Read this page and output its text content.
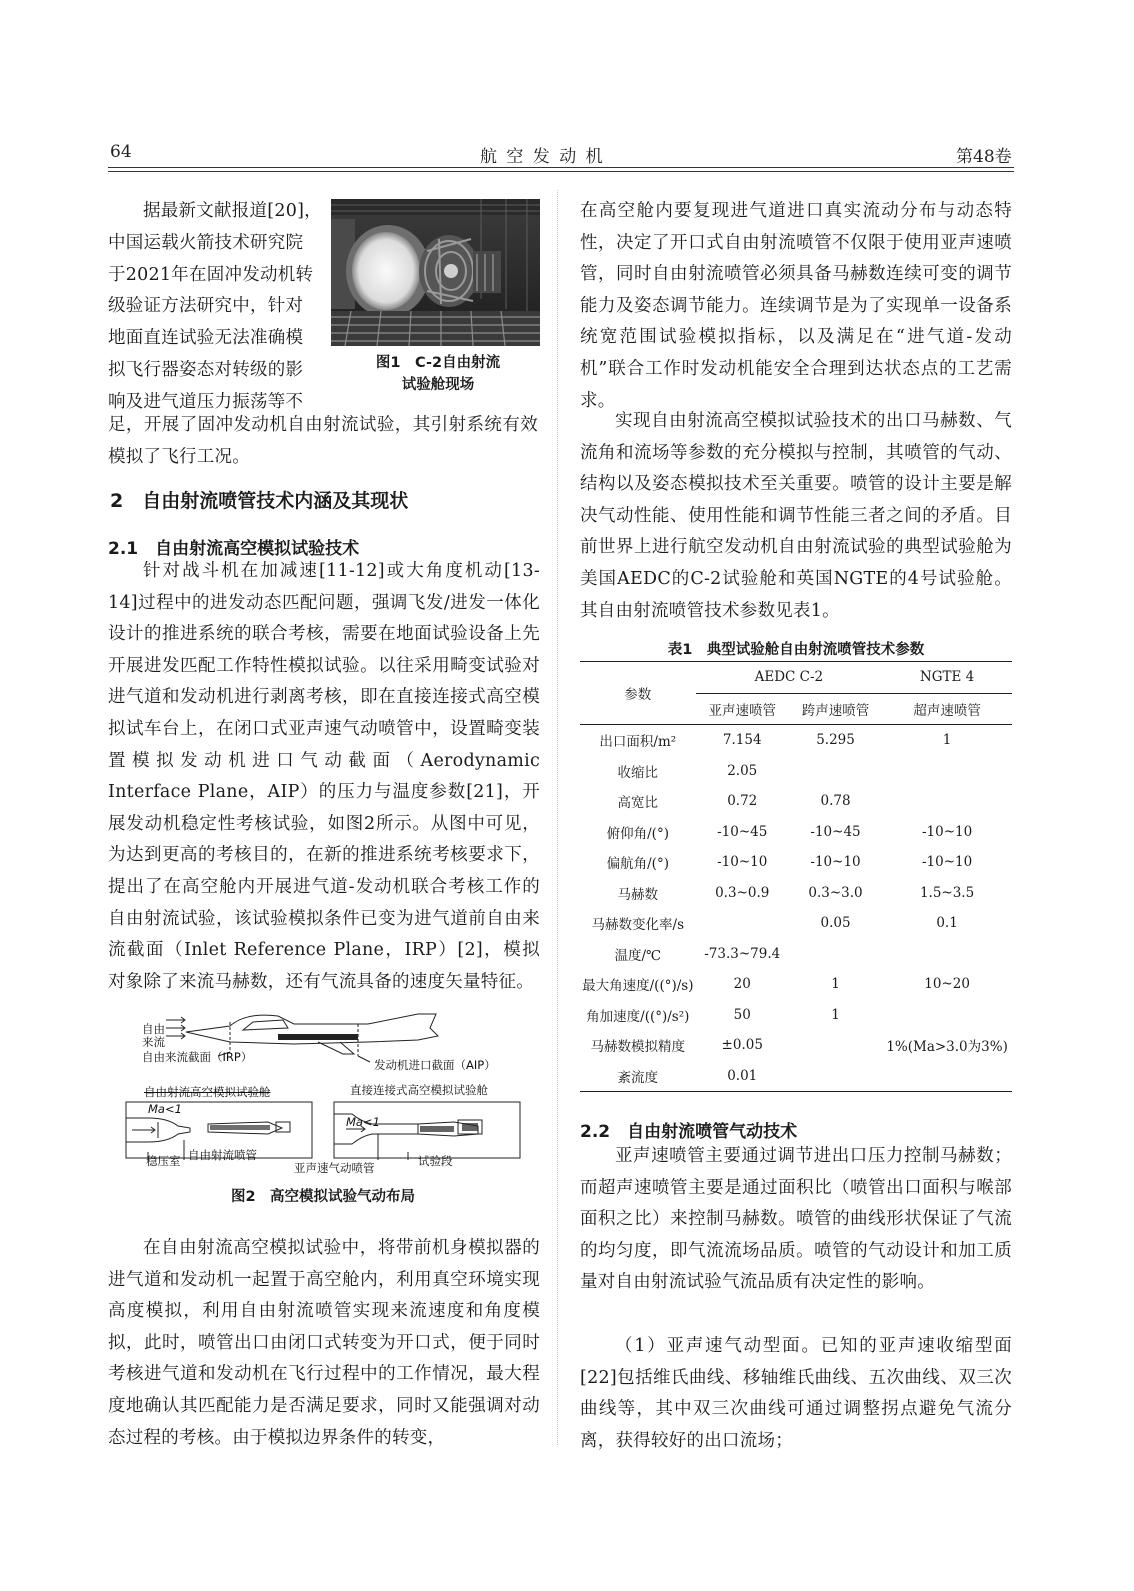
64	航 空 发 动 机	第48卷
据最新文献报道[20]，
中国运载火箭技术研究院
于2021年在固冲发动机转
级验证方法研究中，针对
地面直连试验无法准确模
拟飞行器姿态对转级的影
响及进气道压力振荡等不
图1　C-2自由射流
试验舱现场
足，开展了固冲发动机自由射流试验，其引射系统有效模拟了飞行工况。
2　自由射流喷管技术内涵及其现状
2.1　自由射流高空模拟试验技术
针对战斗机在加减速[11-12]或大角度机动[13-14]过程中的进发动态匹配问题，强调飞发/进发一体化设计的推进系统的联合考核，需要在地面试验设备上先开展进发匹配工作特性模拟试验。以往采用畸变试验对进气道和发动机进行剥离考核，即在直接连接式高空模拟试车台上，在闭口式亚声速气动喷管中，设置畸变装置模拟发动机进口气动截面（Aerodynamic Interface Plane，AIP）的压力与温度参数[21]，开展发动机稳定性考核试验，如图2所示。从图中可见，为达到更高的考核目的，在新的推进系统考核要求下，提出了在高空舱内开展进气道-发动机联合考核工作的自由射流试验，该试验模拟条件已变为进气道前自由来流截面（Inlet Reference Plane，IRP）[2]，模拟对象除了来流马赫数，还有气流具备的速度矢量特征。
自由
来流
自由来流截面（IRP）
发动机进口截面（AIP）
自由射流高空模拟试验舱	直接连接式高空模拟试验舱
Ma<1
Ma<1
稳压室 自由射流喷管
亚声速气动喷管	试验段
图2　高空模拟试验气动布局
在自由射流高空模拟试验中，将带前机身模拟器的进气道和发动机一起置于高空舱内，利用真空环境实现高度模拟，利用自由射流喷管实现来流速度和角度模拟，此时，喷管出口由闭口式转变为开口式，便于同时考核进气道和发动机在飞行过程中的工作情况，最大程度地确认其匹配能力是否满足要求，同时又能强调对动态过程的考核。由于模拟边界条件的转变，
在高空舱内要复现进气道进口真实流动分布与动态特性，决定了开口式自由射流喷管不仅限于使用亚声速喷管，同时自由射流喷管必须具备马赫数连续可变的调节能力及姿态调节能力。连续调节是为了实现单一设备系统宽范围试验模拟指标，以及满足在“进气道-发动机”联合工作时发动机能安全合理到达状态点的工艺需求。
实现自由射流高空模拟试验技术的出口马赫数、气流角和流场等参数的充分模拟与控制，其喷管的气动、结构以及姿态模拟技术至关重要。喷管的设计主要是解决气动性能、使用性能和调节性能三者之间的矛盾。目前世界上进行航空发动机自由射流试验的典型试验舱为美国AEDC的C-2试验舱和英国NGTE的4号试验舱。其自由射流喷管技术参数见表1。
表1　典型试验舱自由射流喷管技术参数
参数	AEDC C-2		NGTE 4
	亚声速喷管	跨声速喷管	超声速喷管
出口面积/m²	7.154	5.295	1
收缩比	2.05		
高宽比	0.72	0.78	
俯仰角/(°)	-10~45	-10~45	-10~10
偏航角/(°)	-10~10	-10~10	-10~10
马赫数	0.3~0.9	0.3~3.0	1.5~3.5
马赫数变化率/s		0.05	0.1
温度/℃	-73.3~79.4		
最大角速度/((°)/s)	20	1	10~20
角加速度/((°)/s²)	50	1	
马赫数模拟精度	±0.05		1%(Ma>3.0为3%)
紊流度	0.01		
2.2　自由射流喷管气动技术
亚声速喷管主要通过调节进出口压力控制马赫数；而超声速喷管主要是通过面积比（喷管出口面积与喉部面积之比）来控制马赫数。喷管的曲线形状保证了气流的均匀度，即气流流场品质。喷管的气动设计和加工质量对自由射流试验气流品质有决定性的影响。
（1）亚声速气动型面。已知的亚声速收缩型面[22]包括维氏曲线、移轴维氏曲线、五次曲线、双三次曲线等，其中双三次曲线可通过调整拐点避免气流分离，获得较好的出口流场；
